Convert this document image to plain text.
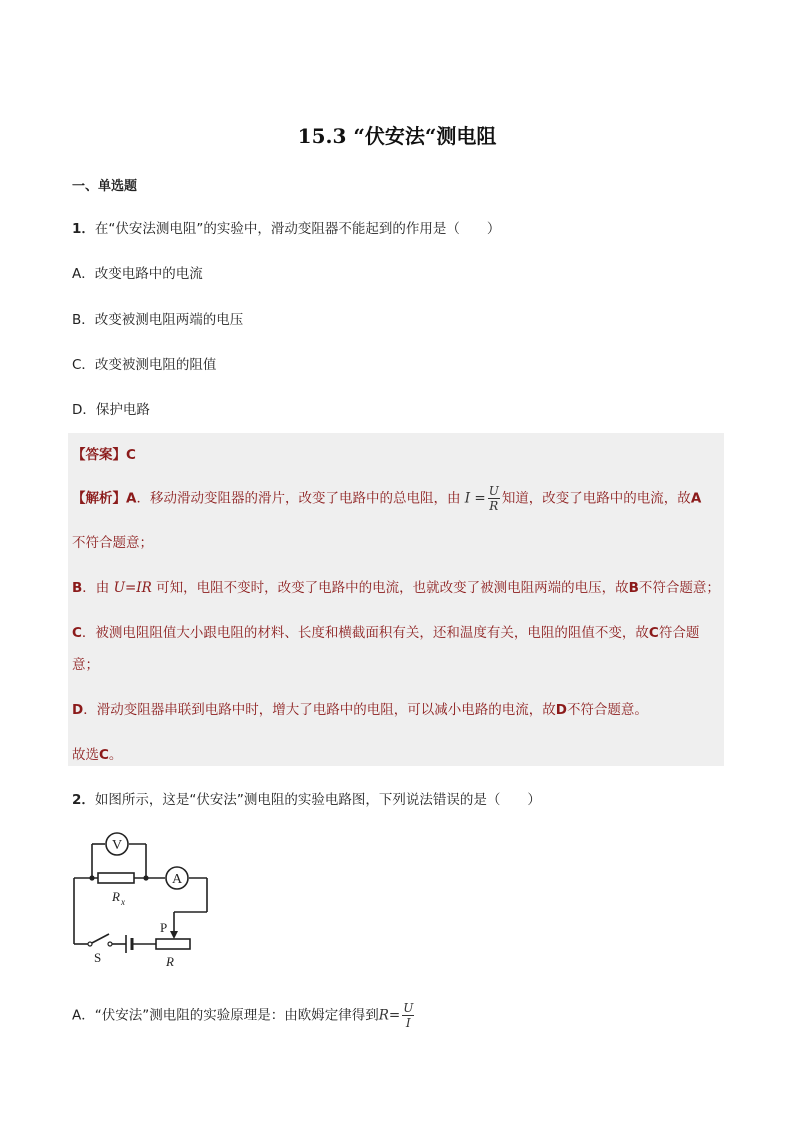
15.3 “伏安法“测电阻
一、单选题
1．在“伏安法测电阻”的实验中，滑动变阻器不能起到的作用是（　　）
A．改变电路中的电流
B．改变被测电阻两端的电压
C．改变被测电阻的阻值
D．保护电路
【答案】C
【解析】A．移动滑动变阻器的滑片，改变了电路中的总电阻，由 $I = \frac{U}{R}$ 知道，改变了电路中的电流，故A
不符合题意；
B．由 U=IR 可知，电阻不变时，改变了电路中的电流，也就改变了被测电阻两端的电压，故B不符合题意；
C．被测电阻阻值大小跟电阻的材料、长度和横截面积有关，还和温度有关，电阻的阻值不变，故C符合题
意；
D．滑动变阻器串联到电路中时，增大了电路中的电阻，可以减小电路的电流，故D不符合题意。
故选C。
2．如图所示，这是“伏安法”测电阻的实验电路图，下列说法错误的是（　　）
V
A
R x
P
R
S
A．“伏安法”测电阻的实验原理是：由欧姆定律得到$R= \frac{U}{I}$
